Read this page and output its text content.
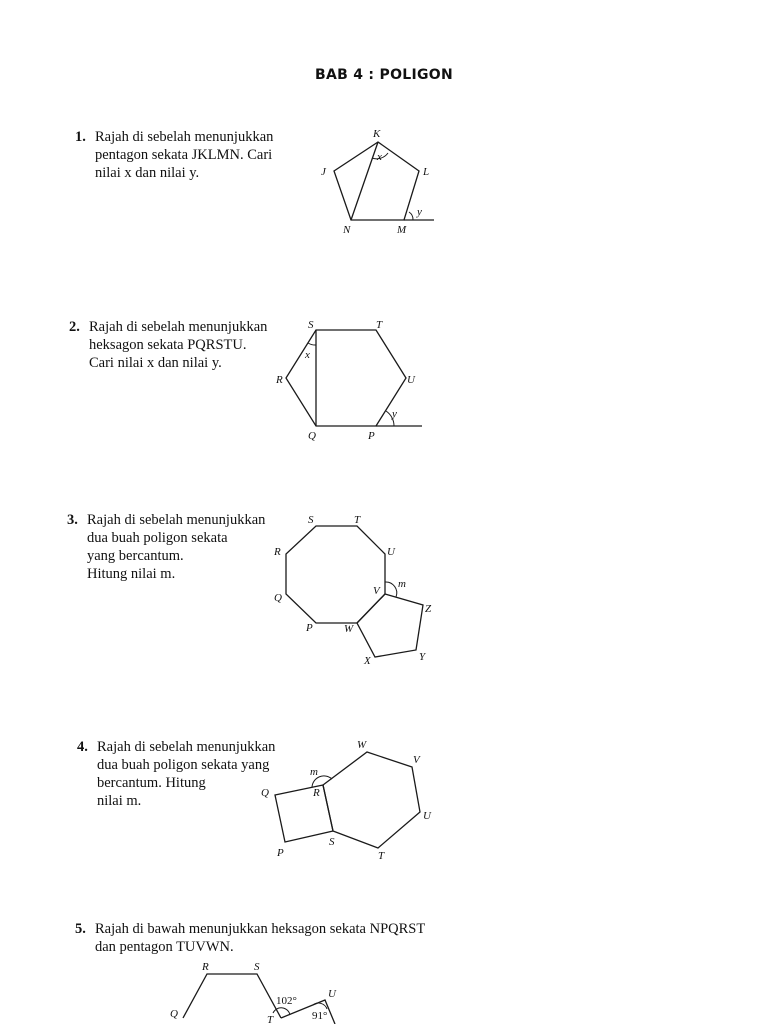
BAB 4 : POLIGON
1. Rajah di sebelah menunjukkan
pentagon sekata JKLMN. Cari
nilai x dan nilai y.
K
J	L
N	M
x
y
2. Rajah di sebelah menunjukkan
heksagon sekata PQRSTU.
Cari nilai x dan nilai y.
S	T
R	U
Q	P
x
y
3. Rajah di sebelah menunjukkan
dua buah poligon sekata
yang bercantum.
Hitung nilai m.
S	T
R	U
Q
V
m
Z
P	W
X	Y
4. Rajah di sebelah menunjukkan
dua buah poligon sekata yang
bercantum. Hitung
nilai m.
W
V
m
Q	R
U
P
S
T
5. Rajah di bawah menunjukkan heksagon sekata NPQRST
dan pentagon TUVWN.
R	S
Q	T
U
102°
91°
